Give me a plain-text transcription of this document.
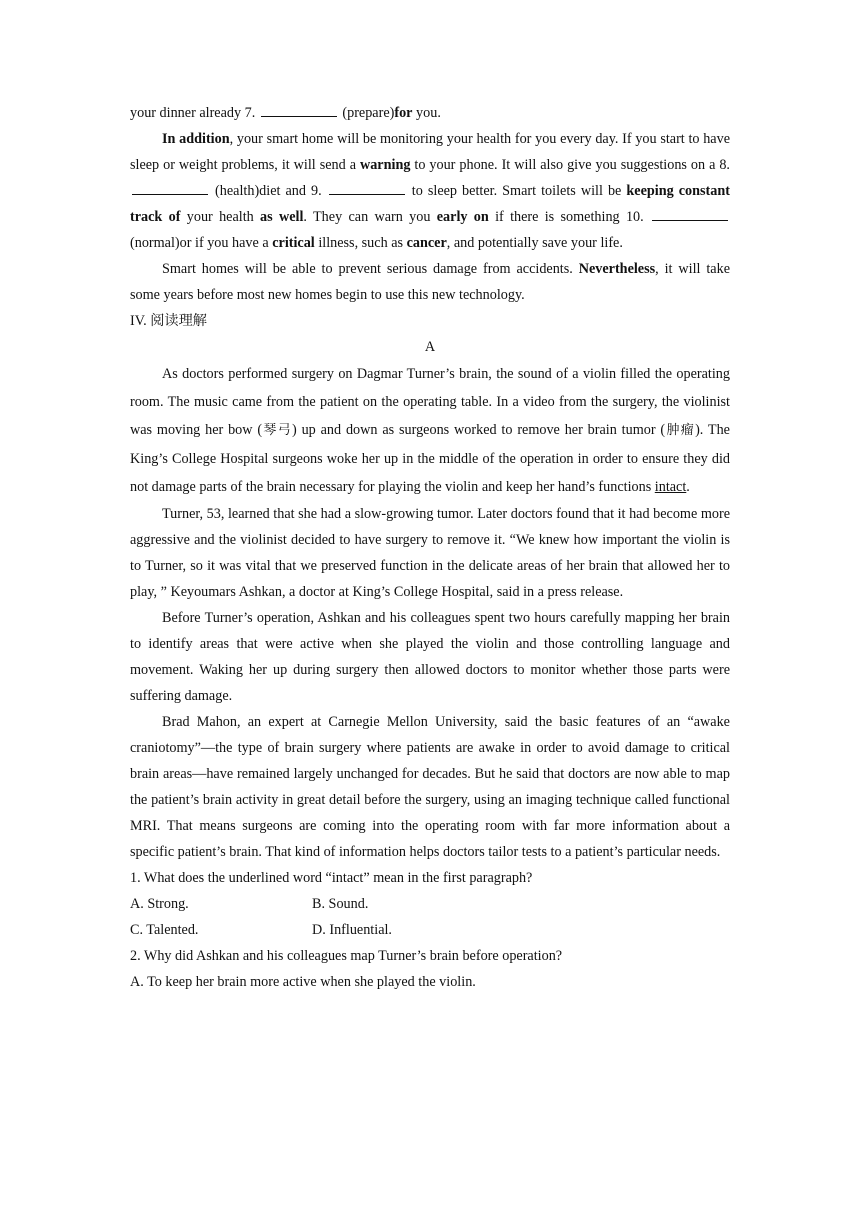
your dinner already 7.	(prepare)for you.

In addition, your smart home will be monitoring your health for you every day. If you start to have sleep or weight problems, it will send a warning to your phone. It will also give you suggestions on a 8.  (health)diet and 9.	to sleep better. Smart toilets will be keeping constant track of your health as well. They can warn you early on if there is something 10.  (normal)or if you have a critical illness, such as cancer, and potentially save your life.

Smart homes will be able to prevent serious damage from accidents. Nevertheless, it will take some years before most new homes begin to use this new technology.

IV. 阅读理解

A

As doctors performed surgery on Dagmar Turner’s brain, the sound of a violin filled the operating room. The music came from the patient on the operating table. In a video from the surgery, the violinist was moving her bow (琴弓) up and down as surgeons worked to remove her brain tumor (肿瘤). The King’s College Hospital surgeons woke her up in the middle of the operation in order to ensure they did not damage parts of the brain necessary for playing the violin and keep her hand’s functions intact.

Turner, 53, learned that she had a slow-growing tumor. Later doctors found that it had become more aggressive and the violinist decided to have surgery to remove it. “We knew how important the violin is to Turner, so it was vital that we preserved function in the delicate areas of her brain that allowed her to play, ” Keyoumars Ashkan, a doctor at King’s College Hospital, said in a press release.

Before Turner’s operation, Ashkan and his colleagues spent two hours carefully mapping her brain to identify areas that were active when she played the violin and those controlling language and movement. Waking her up during surgery then allowed doctors to monitor whether those parts were suffering damage.

Brad Mahon, an expert at Carnegie Mellon University, said the basic features of an “awake craniotomy”—the type of brain surgery where patients are awake in order to avoid damage to critical brain areas—have remained largely unchanged for decades. But he said that doctors are now able to map the patient’s brain activity in great detail before the surgery, using an imaging technique called functional MRI. That means surgeons are coming into the operating room with far more information about a specific patient’s brain. That kind of information helps doctors tailor tests to a patient’s particular needs.

1. What does the underlined word “intact” mean in the first paragraph?

A. Strong.	B. Sound.
C. Talented.	D. Influential.

2. Why did Ashkan and his colleagues map Turner’s brain before operation?

A. To keep her brain more active when she played the violin.
